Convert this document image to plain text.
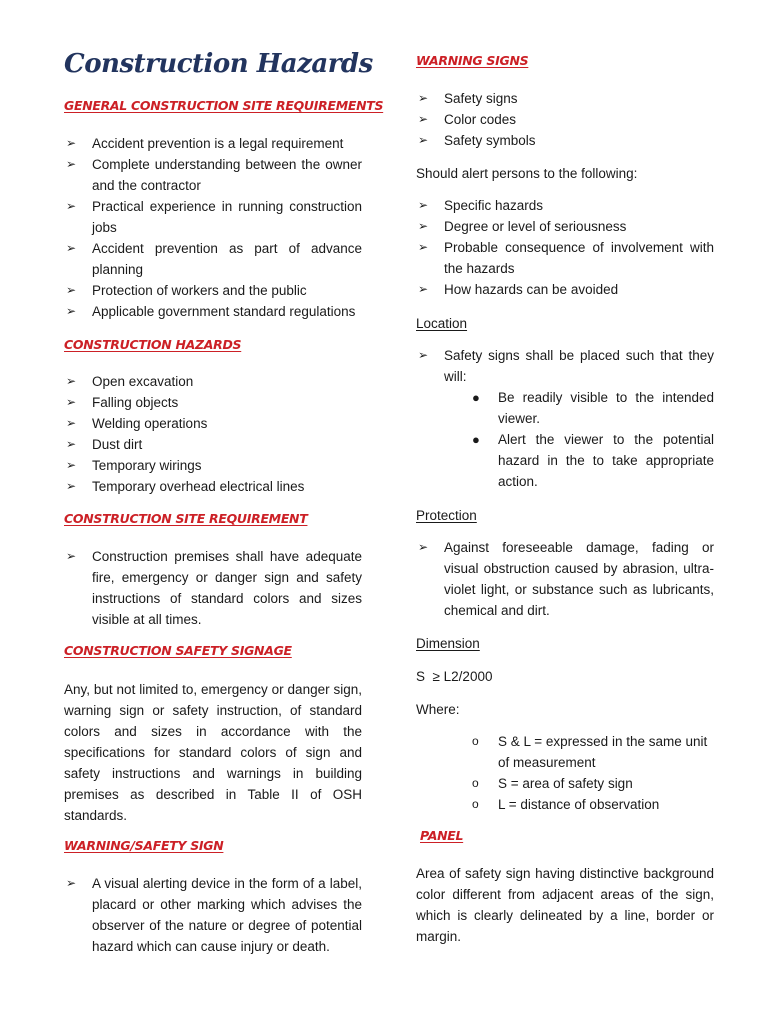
Construction Hazards
GENERAL CONSTRUCTION SITE REQUIREMENTS
➢ Accident prevention is a legal requirement
➢ Complete understanding between the owner and the contractor
➢ Practical experience in running construction jobs
➢ Accident prevention as part of advance planning
➢ Protection of workers and the public
➢ Applicable government standard regulations
CONSTRUCTION HAZARDS
➢ Open excavation
➢ Falling objects
➢ Welding operations
➢ Dust dirt
➢ Temporary wirings
➢ Temporary overhead electrical lines
CONSTRUCTION SITE REQUIREMENT
➢ Construction premises shall have adequate fire, emergency or danger sign and safety instructions of standard colors and sizes visible at all times.
CONSTRUCTION SAFETY SIGNAGE

Any, but not limited to, emergency or danger sign, warning sign or safety instruction, of standard colors and sizes in accordance with the specifications for standard colors of sign and safety instructions and warnings in building premises as described in Table II of OSH standards.

WARNING/SAFETY SIGN
➢ A visual alerting device in the form of a label, placard or other marking which advises the observer of the nature or degree of potential hazard which can cause injury or death.
WARNING SIGNS
➢ Safety signs
➢ Color codes
➢ Safety symbols

Should alert persons to the following:

➢ Specific hazards
➢ Degree or level of seriousness
➢ Probable consequence of involvement with the hazards
➢ How hazards can be avoided

Location

➢ Safety signs shall be placed such that they will:
● Be readily visible to the intended viewer.
● Alert the viewer to the potential hazard in the to take appropriate action.

Protection

➢ Against foreseeable damage, fading or visual obstruction caused by abrasion, ultra-violet light, or substance such as lubricants, chemical and dirt.

Dimension

S  ≥ L2/2000

Where:

o S & L = expressed in the same unit of measurement
o S = area of safety sign
o L = distance of observation
PANEL

Area of safety sign having distinctive background color different from adjacent areas of the sign, which is clearly delineated by a line, border or margin.
